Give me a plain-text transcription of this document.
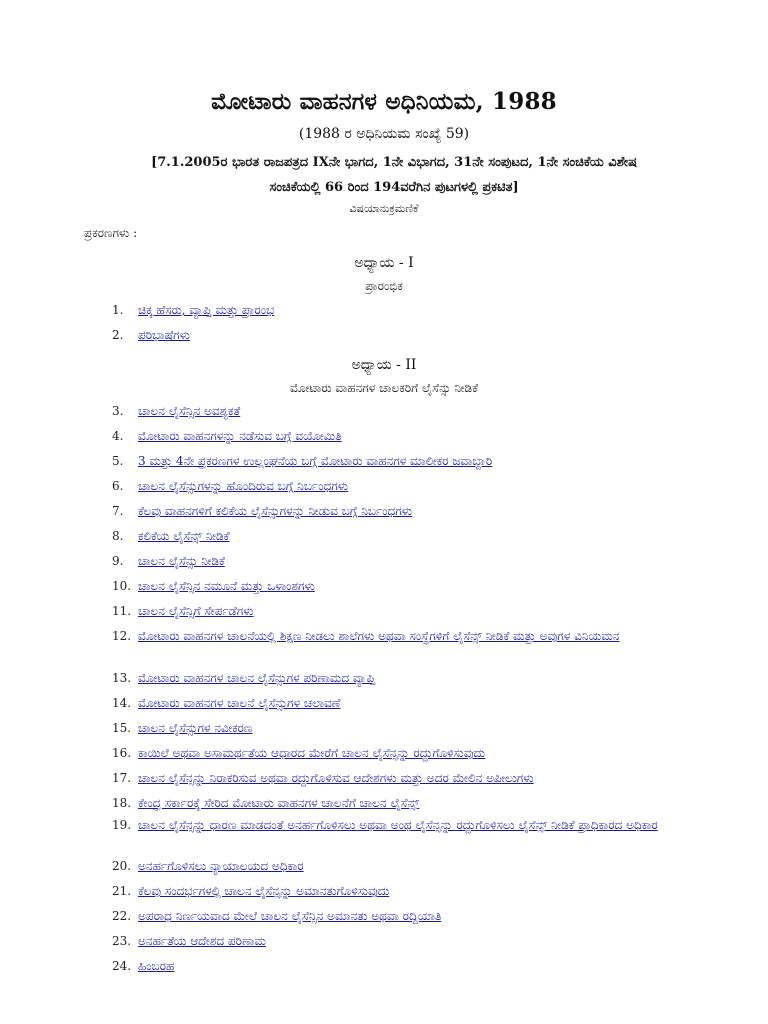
ಮೋಟಾರು ವಾಹನಗಳ ಅಧಿನಿಯಮ, 1988
(1988 ರ ಅಧಿನಿಯಮ ಸಂಖ್ಯೆ 59)
[7.1.2005ರ ಭಾರತ ರಾಜಪತ್ರದ IXನೇ ಭಾಗದ, 1ನೇ ವಿಭಾಗದ, 31ನೇ ಸಂಪುಟದ, 1ನೇ ಸಂಚಿಕೆಯ ವಿಶೇಷ
ಸಂಚಿಕೆಯಲ್ಲಿ 66 ರಿಂದ 194ವರೆಗಿನ ಪುಟಗಳಲ್ಲಿ ಪ್ರಕಟಿತ]
ವಿಷಯಾನುಕ್ರಮಣಿಕೆ
ಪ್ರಕರಣಗಳು :
ಅಧ್ಯಾಯ - I
ಪ್ರಾರಂಭಿಕ
1.	ಚಿಕ್ಕ ಹೆಸರು, ವ್ಯಾಪ್ತಿ ಮತ್ತು ಪ್ರಾರಂಭ
2.	ಪರಿಭಾಷೆಗಳು
ಅಧ್ಯಾಯ - II
ಮೋಟಾರು ವಾಹನಗಳ ಚಾಲಕರಿಗೆ ಲೈಸೆನ್ಸು ನೀಡಿಕೆ
3.	ಚಾಲನ ಲೈಸೆನ್ಸಿನ ಅವಶ್ಯಕತೆ
4.	ಮೋಟಾರು ವಾಹನಗಳನ್ನು ನಡೆಸುವ ಬಗ್ಗೆ ವಯೋಮಿತಿ
5.	3 ಮತ್ತು 4ನೇ ಪ್ರಕರಣಗಳ ಉಲ್ಲಂಘನೆಯ ಬಗ್ಗೆ ಮೋಟಾರು ವಾಹನಗಳ ಮಾಲೀಕರ ಜವಾಬ್ದಾರಿ
6.	ಚಾಲನ ಲೈಸೆನ್ಸುಗಳನ್ನು ಹೊಂದಿರುವ ಬಗ್ಗೆ ನಿರ್ಬಂಧಗಳು
7.	ಕೆಲವು ವಾಹನಗಳಿಗೆ ಕಲಿಕೆಯ ಲೈಸೆನ್ಸುಗಳನ್ನು ನೀಡುವ ಬಗ್ಗೆ ನಿರ್ಬಂಧಗಳು
8.	ಕಲಿಕೆಯ ಲೈಸೆನ್ಸ್ ನೀಡಿಕೆ
9.	ಚಾಲನ ಲೈಸೆನ್ಸು ನೀಡಿಕೆ
10. ಚಾಲನ ಲೈಸೆನ್ಸಿನ ನಮೂನೆ ಮತ್ತು ಒಳಾಂಶಗಳು
11. ಚಾಲನ ಲೈಸೆನ್ಸಿಗೆ ಸೇರ್ಪಡೆಗಳು
12. ಮೋಟಾರು ವಾಹನಗಳ ಚಾಲನೆಯಲ್ಲಿ ಶಿಕ್ಷಣ ನೀಡಲು ಶಾಲೆಗಳು ಅಥವಾ ಸಂಸ್ಥೆಗಳಿಗೆ ಲೈಸೆನ್ಸ್ ನೀಡಿಕೆ ಮತ್ತು ಅವುಗಳ ವಿನಿಯಮನ
13. ಮೋಟಾರು ವಾಹನಗಳ ಚಾಲನ ಲೈಸೆನ್ಸುಗಳ ಪರಿಣಾಮದ ವ್ಯಾಪ್ತಿ
14. ಮೋಟಾರು ವಾಹನಗಳ ಚಾಲನೆ ಲೈಸೆನ್ಸುಗಳ ಚಲಾವಣೆ
15. ಚಾಲನ ಲೈಸೆನ್ಸುಗಳ ನವೀಕರಣ
16. ಕಾಯಿಲೆ ಅಥವಾ ಅಸಾಮರ್ಥತೆಯ ಆಧಾರದ ಮೇರೆಗೆ ಚಾಲನ ಲೈಸೆನ್ಸನ್ನು ರದ್ದುಗೊಳಿಸುವುದು
17. ಚಾಲನ ಲೈಸೆನ್ಸನ್ನು ನಿರಾಕರಿಸುವ ಅಥವಾ ರದ್ದುಗೊಳಿಸುವ ಆದೇಶಗಳು ಮತ್ತು ಅದರ ಮೇಲಿನ ಅಪೀಲುಗಳು
18. ಕೇಂದ್ರ ಸರ್ಕಾರಕ್ಕೆ ಸೇರಿದ ಮೋಟಾರು ವಾಹನಗಳ ಚಾಲನೆಗೆ ಚಾಲನ ಲೈಸೆನ್ಸ್
19. ಚಾಲನ ಲೈಸೆನ್ಸನ್ನು ಧಾರಣ ಮಾಡದಂತೆ ಅನರ್ಹಗೊಳಿಸಲು ಅಥವಾ ಅಂಥ ಲೈಸೆನ್ಸನ್ನು ರದ್ದುಗೊಳಿಸಲು ಲೈಸೆನ್ಸ್ ನೀಡಿಕೆ ಪ್ರಾಧಿಕಾರದ ಅಧಿಕಾರ
20. ಅನರ್ಹಗೊಳಿಸಲು ನ್ಯಾಯಾಲಯದ ಅಧಿಕಾರ
21. ಕೆಲವು ಸಂದರ್ಭಗಳಲ್ಲಿ ಚಾಲನ ಲೈಸೆನ್ಸನ್ನು ಅಮಾನತುಗೊಳಿಸುವುದು
22. ಅಪರಾಧ ನಿರ್ಣಯವಾದ ಮೇಲೆ ಚಾಲನ ಲೈಸೆನ್ಸಿನ ಅಮಾನತು ಅಥವಾ ರದ್ದಿಯಾತಿ
23. ಅನರ್ಹತೆಯ ಆದೇಶದ ಪರಿಣಾಮ
24. ಹಿಂಬರಹ
